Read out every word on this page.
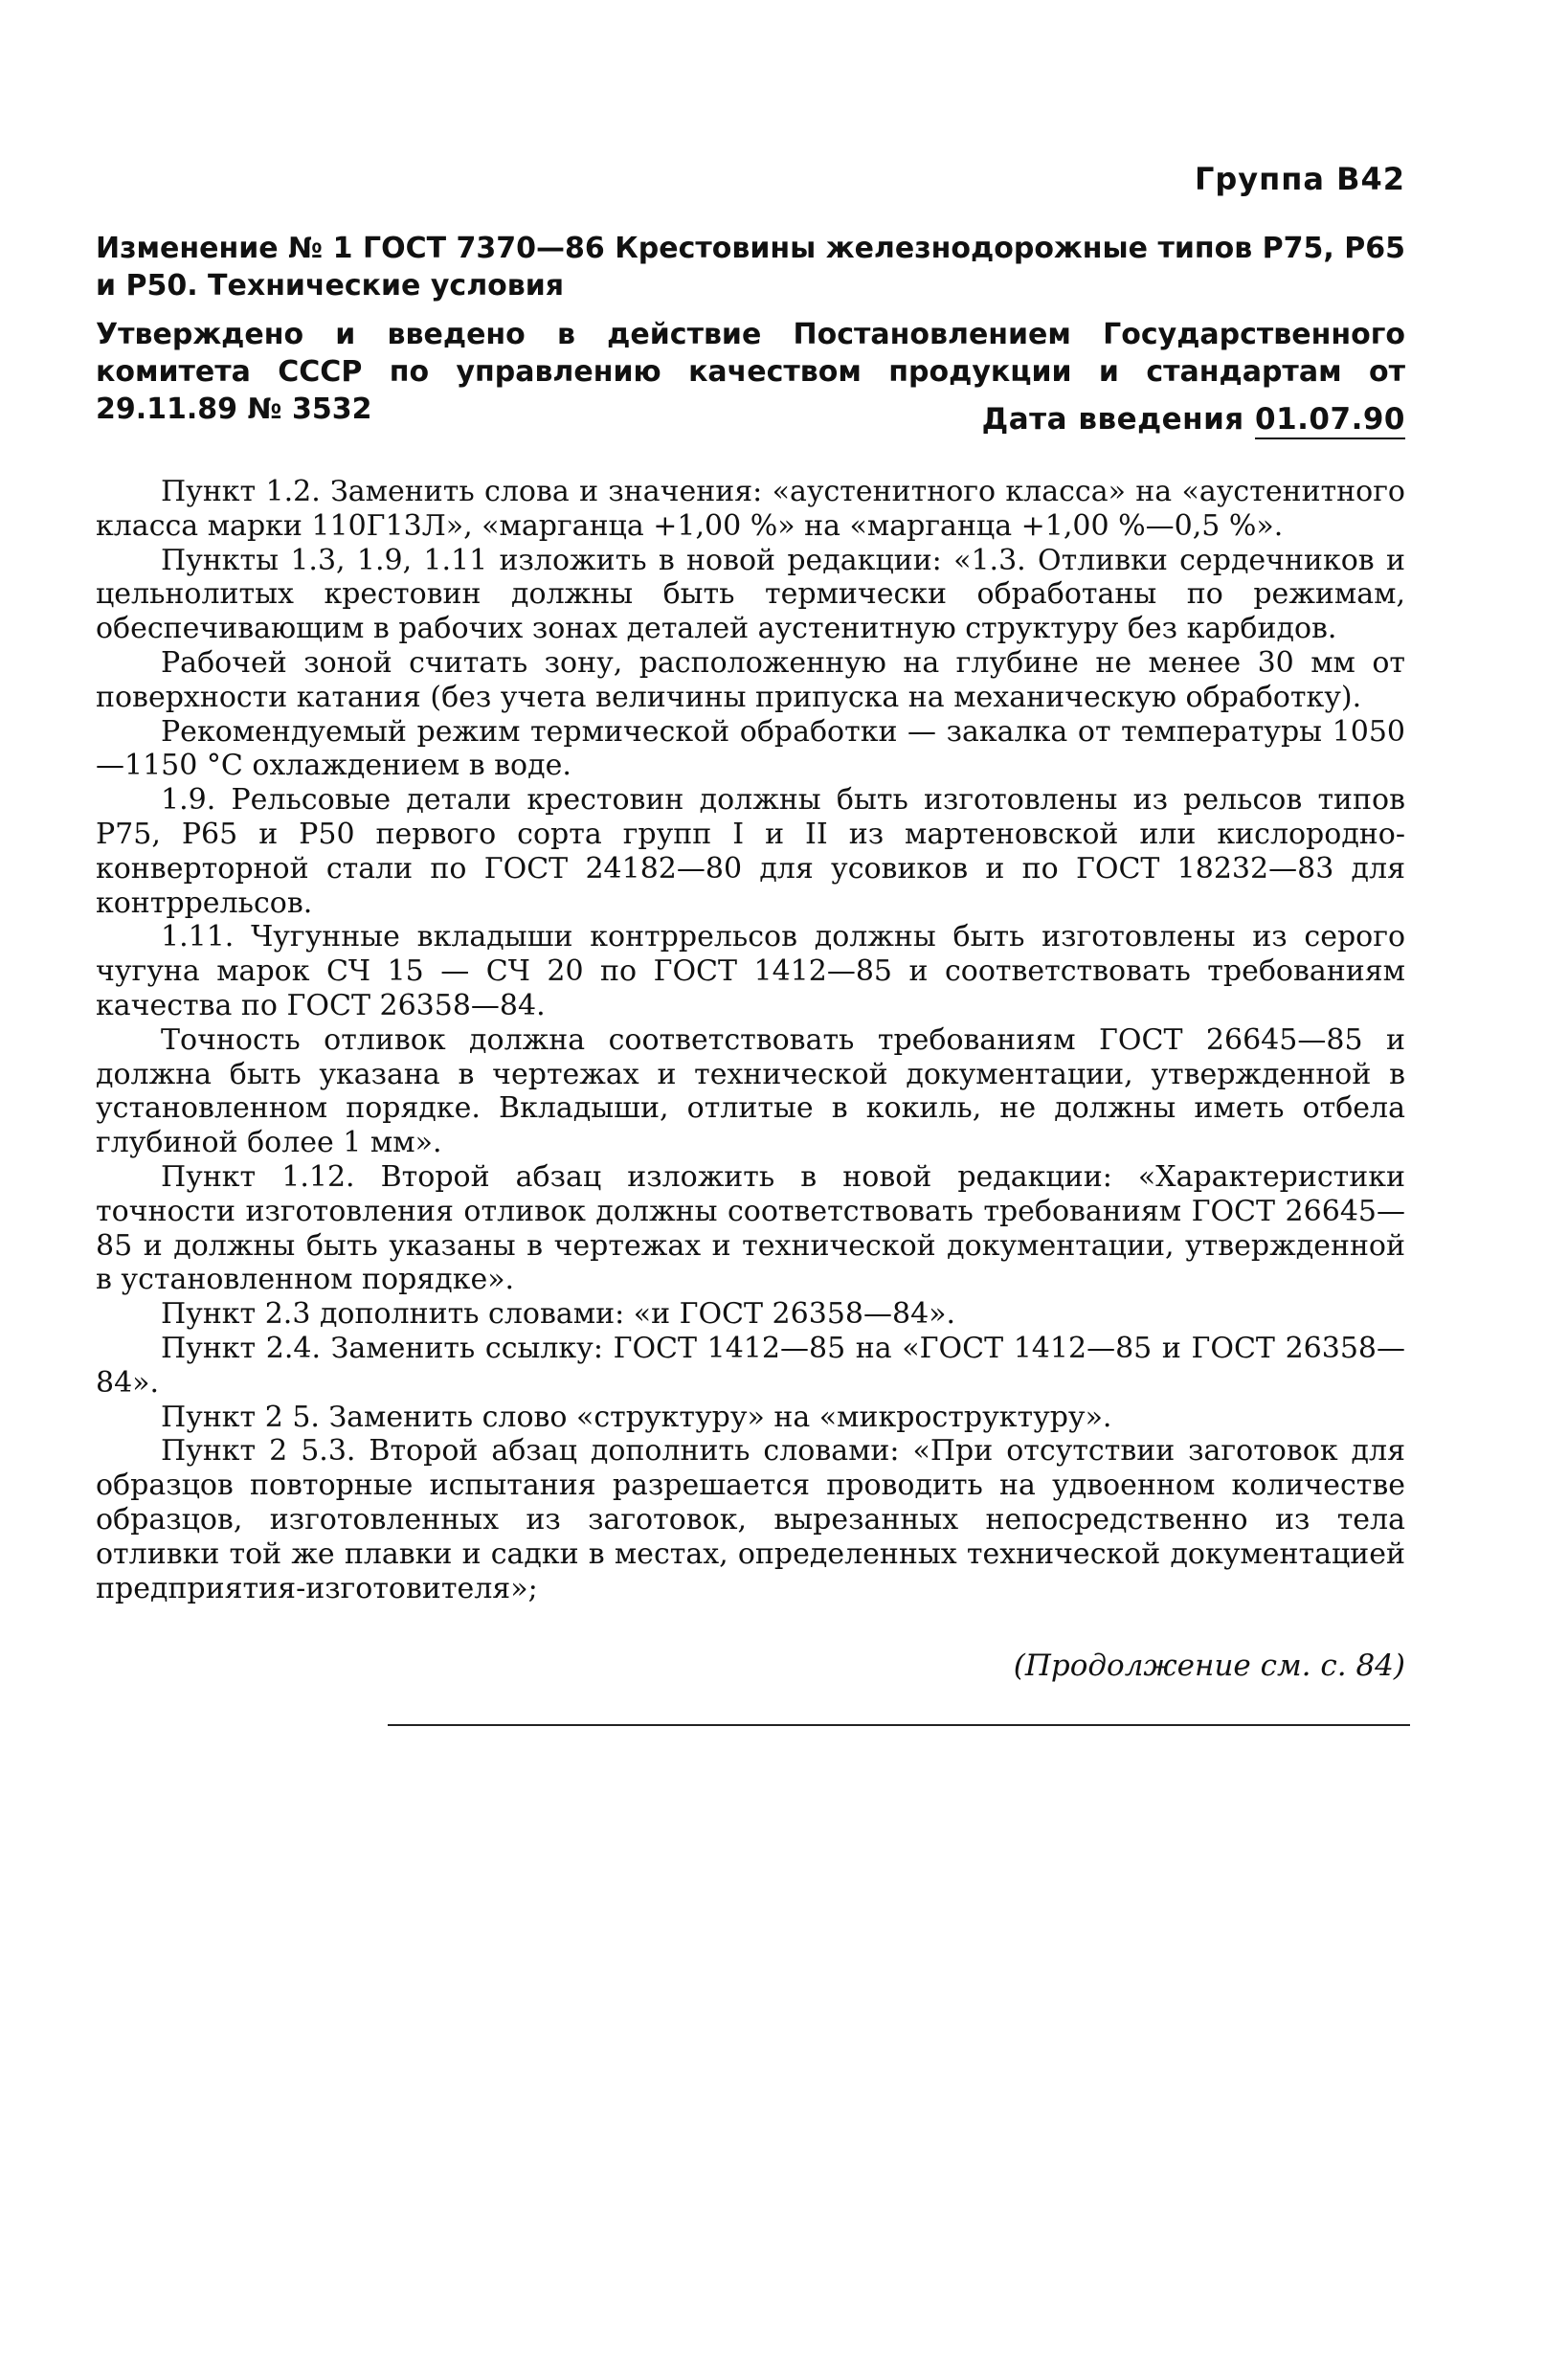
Группа В42
Изменение № 1 ГОСТ 7370—86 Крестовины железнодорожные типов Р75, Р65 и Р50. Технические условия
Утверждено и введено в действие Постановлением Государственного комитета СССР по управлению качеством продукции и стандартам от 29.11.89 № 3532	Дата введения 01.07.90

Пункт 1.2. Заменить слова и значения: «аустенитного класса» на «аустенитного класса марки 110Г13Л», «марганца +1,00 %» на «марганца +1,00 %—0,5 %».

Пункты 1.3, 1.9, 1.11 изложить в новой редакции: «1.3. Отливки сердечников и цельнолитых крестовин должны быть термически обработаны по режимам, обеспечивающим в рабочих зонах деталей аустенитную структуру без карбидов.

Рабочей зоной считать зону, расположенную на глубине не менее 30 мм от поверхности катания (без учета величины припуска на механическую обработку).

Рекомендуемый режим термической обработки — закалка от температуры 1050—1150 °С охлаждением в воде.

1.9. Рельсовые детали крестовин должны быть изготовлены из рельсов типов Р75, Р65 и Р50 первого сорта групп I и II из мартеновской или кислородно-конверторной стали по ГОСТ 24182—80 для усовиков и по ГОСТ 18232—83 для контррельсов.

1.11. Чугунные вкладыши контррельсов должны быть изготовлены из серого чугуна марок СЧ 15 — СЧ 20 по ГОСТ 1412—85 и соответствовать требованиям качества по ГОСТ 26358—84.

Точность отливок должна соответствовать требованиям ГОСТ 26645—85 и должна быть указана в чертежах и технической документации, утвержденной в установленном порядке. Вкладыши, отлитые в кокиль, не должны иметь отбела глубиной более 1 мм».

Пункт 1.12. Второй абзац изложить в новой редакции: «Характеристики точности изготовления отливок должны соответствовать требованиям ГОСТ 26645—85 и должны быть указаны в чертежах и технической документации, утвержденной в установленном порядке».

Пункт 2.3 дополнить словами: «и ГОСТ 26358—84».

Пункт 2.4. Заменить ссылку: ГОСТ 1412—85 на «ГОСТ 1412—85 и ГОСТ 26358—84».

Пункт 2 5. Заменить слово «структуру» на «микроструктуру».

Пункт 2 5.3. Второй абзац дополнить словами: «При отсутствии заготовок для образцов повторные испытания разрешается проводить на удвоенном количестве образцов, изготовленных из заготовок, вырезанных непосредственно из тела отливки той же плавки и садки в местах, определенных технической документацией предприятия-изготовителя»;

(Продолжение см. с. 84)
